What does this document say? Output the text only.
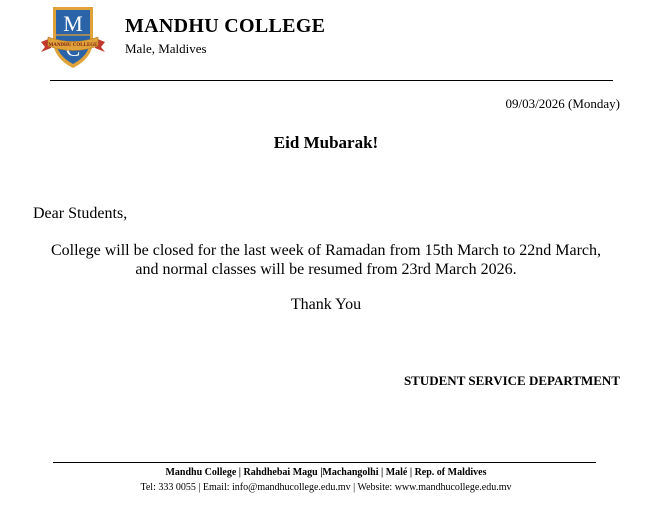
M
MANDHU COLLEGE
MANDHU COLLEGE
Male, Maldives
09/03/2026 (Monday)
Eid Mubarak!
Dear Students,
College will be closed for the last week of Ramadan from 15th March to 22nd March,
and normal classes will be resumed from 23rd March 2026.
Thank You
STUDENT SERVICE DEPARTMENT
Mandhu College | Rahdhebai Magu |Machangolhi | Malé | Rep. of Maldives
Tel: 333 0055 | Email: info@mandhucollege.edu.mv | Website: www.mandhucollege.edu.mv
